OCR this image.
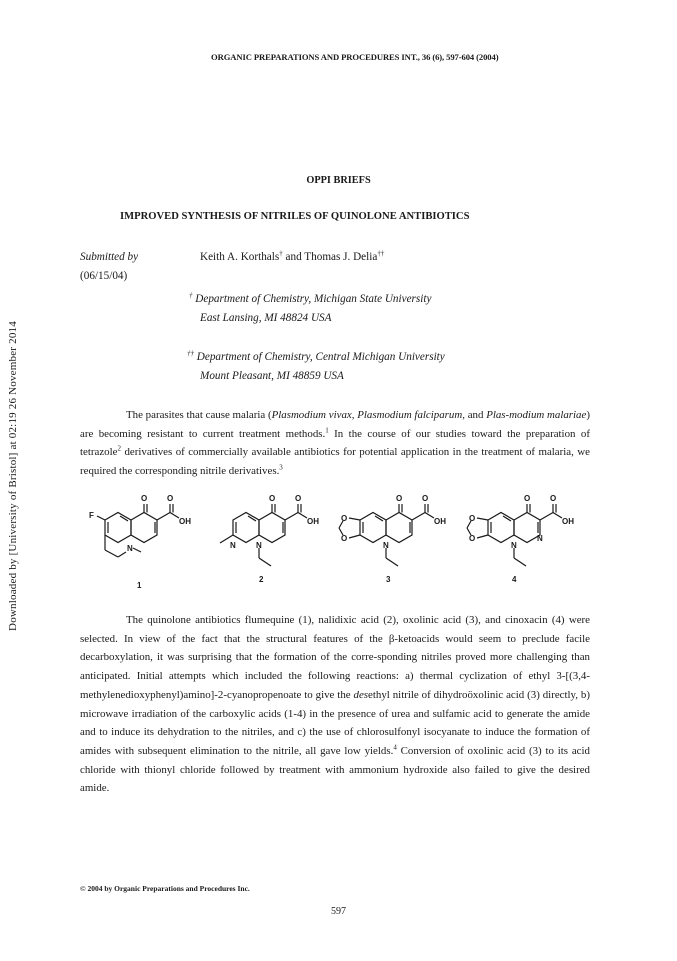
ORGANIC PREPARATIONS AND PROCEDURES INT., 36 (6), 597-604 (2004)
Downloaded by [University of Bristol] at 02:19 26 November 2014
OPPI BRIEFS
IMPROVED SYNTHESIS OF NITRILES OF QUINOLONE ANTIBIOTICS
Submitted by
(06/15/04)
Keith A. Korthals† and Thomas J. Delia††
† Department of Chemistry, Michigan State University
East Lansing, MI 48824 USA
†† Department of Chemistry, Central Michigan University
Mount Pleasant, MI 48859 USA
The parasites that cause malaria (Plasmodium vivax, Plasmodium falciparum, and Plas-modium malariae) are becoming resistant to current treatment methods.$^1$ In the course of our studies toward the preparation of tetrazole$^2$ derivatives of commercially available antibiotics for potential application in the treatment of malaria, we required the corresponding nitrile derivatives.$^3$
O O
OH
F
N
O O
OH
N	N
O O
OH
O
O
N
O O
OH
O
O	N
N
1
2	3	4
The quinolone antibiotics flumequine (1), nalidixic acid (2), oxolinic acid (3), and cinoxacin (4) were selected. In view of the fact that the structural features of the β-ketoacids would seem to preclude facile decarboxylation, it was surprising that the formation of the corre-sponding nitriles proved more challenging than anticipated. Initial attempts which included the following reactions: a) thermal cyclization of ethyl 3-[(3,4-methylenedioxyphenyl)amino]-2-cyanopropenoate to give the desethyl nitrile of dihydroöxolinic acid (3) directly, b) microwave irradiation of the carboxylic acids (1-4) in the presence of urea and sulfamic acid to generate the amide and to induce its dehydration to the nitriles, and c) the use of chlorosulfonyl isocyanate to induce the formation of amides with subsequent elimination to the nitrile, all gave low yields.$^4$ Conversion of oxolinic acid (3) to its acid chloride with thionyl chloride followed by treatment with ammonium hydroxide also failed to give the desired amide.
© 2004 by Organic Preparations and Procedures Inc.
597
